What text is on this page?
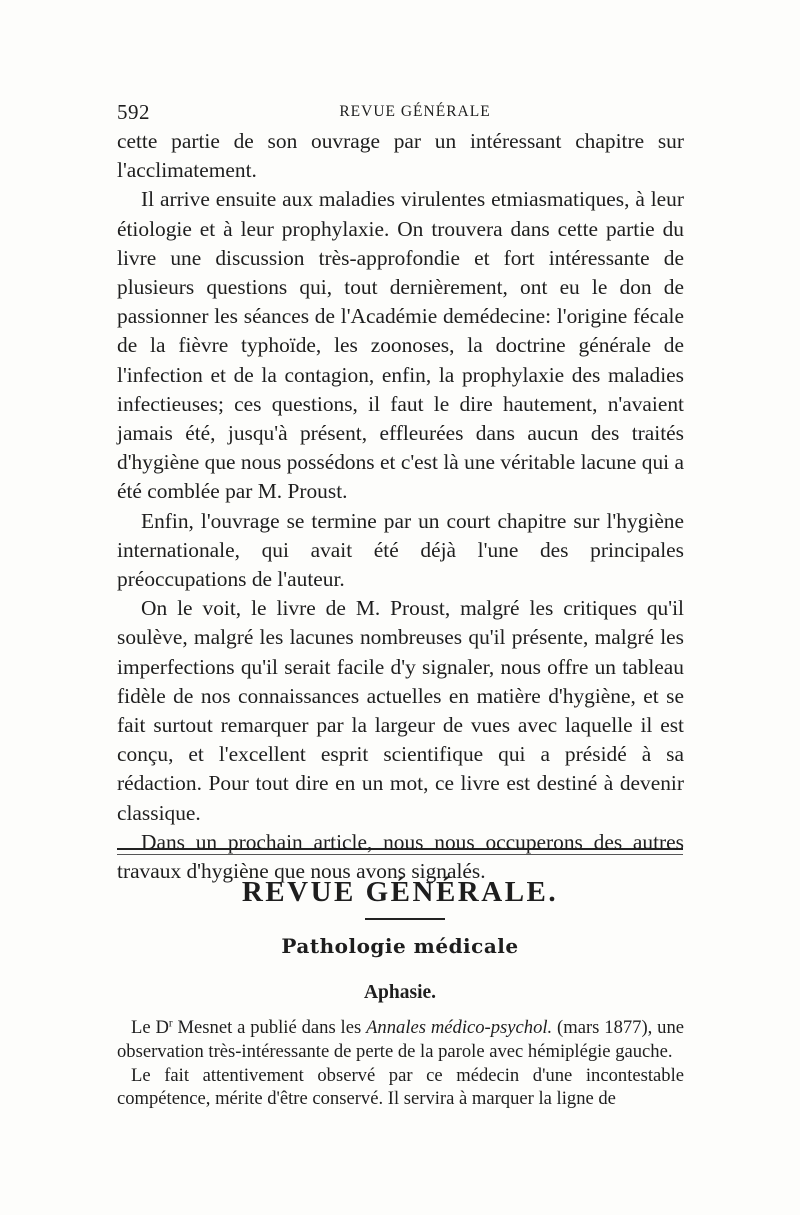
592	REVUE GÉNÉRALE

cette partie de son ouvrage par un intéressant chapitre sur l'acclimatement.

Il arrive ensuite aux maladies virulentes etmiasmatiques, à leur étiologie et à leur prophylaxie. On trouvera dans cette partie du livre une discussion très-approfondie et fort intéressante de plusieurs questions qui, tout dernièrement, ont eu le don de passionner les séances de l'Académie demédecine: l'origine fécale de la fièvre typhoïde, les zoonoses, la doctrine générale de l'infection et de la contagion, enfin, la prophylaxie des maladies infectieuses; ces questions, il faut le dire hautement, n'avaient jamais été, jusqu'à présent, effleurées dans aucun des traités d'hygiène que nous possédons et c'est là une véritable lacune qui a été comblée par M. Proust.

Enfin, l'ouvrage se termine par un court chapitre sur l'hygiène internationale, qui avait été déjà l'une des principales préoccupations de l'auteur.

On le voit, le livre de M. Proust, malgré les critiques qu'il soulève, malgré les lacunes nombreuses qu'il présente, malgré les imperfections qu'il serait facile d'y signaler, nous offre un tableau fidèle de nos connaissances actuelles en matière d'hygiène, et se fait surtout remarquer par la largeur de vues avec laquelle il est conçu, et l'excellent esprit scientifique qui a présidé à sa rédaction. Pour tout dire en un mot, ce livre est destiné à devenir classique.

Dans un prochain article, nous nous occuperons des autres travaux d'hygiène que nous avons signalés.

REVUE GÉNÉRALE.
Pathologie médicale
Aphasie.

Le $D^r$ Mesnet a publié dans les Annales médico-psychol. (mars 1877), une observation très-intéressante de perte de la parole avec hémiplégie gauche.

Le fait attentivement observé par ce médecin d'une incontestable compétence, mérite d'être conservé. Il servira à marquer la ligne de
